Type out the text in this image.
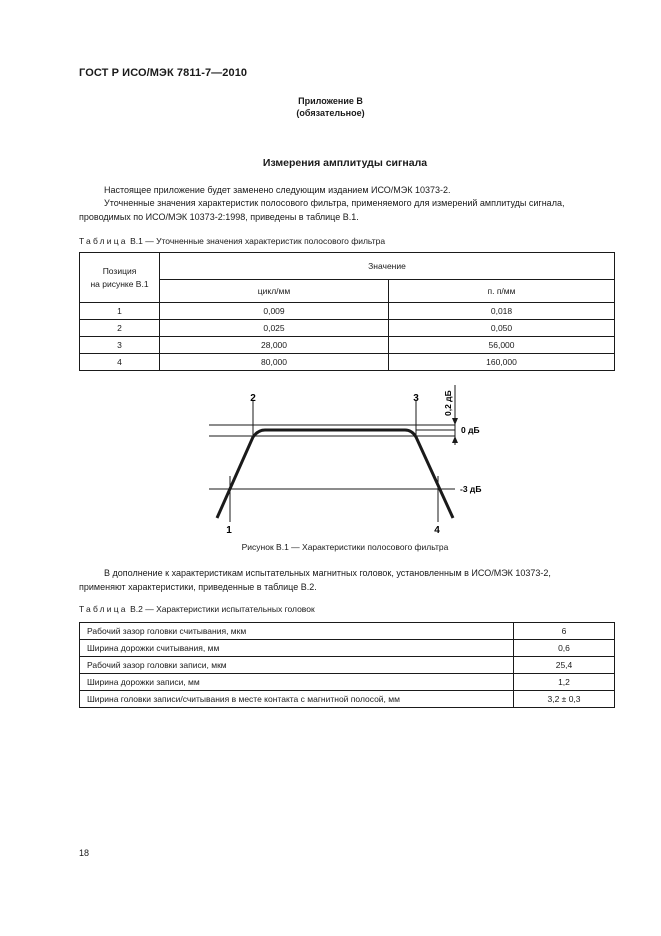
ГОСТ Р ИСО/МЭК 7811-7—2010
Приложение В
(обязательное)
Измерения амплитуды сигнала
Настоящее приложение будет заменено следующим изданием ИСО/МЭК 10373-2.
Уточненные значения характеристик полосового фильтра, применяемого для измерений амплитуды сигнала,
проводимых по ИСО/МЭК 10373-2:1998, приведены в таблице В.1.
Таблица В.1 — Уточненные значения характеристик полосового фильтра
Позиция
на рисунке В.1	Значение	
	цикл/мм	п. п/мм
1	0,009	0,018
2	0,025	0,050
3	28,000	56,000
4	80,000	160,000
2	3
1	4
0 дБ
-3 дБ
0,2 дБ
Рисунок В.1 — Характеристики полосового фильтра
В дополнение к характеристикам испытательных магнитных головок, установленным в ИСО/МЭК 10373-2,
применяют характеристики, приведенные в таблице В.2.
Таблица В.2 — Характеристики испытательных головок
Рабочий зазор головки считывания, мкм	6
Ширина дорожки считывания, мм	0,6
Рабочий зазор головки записи, мкм	25,4
Ширина дорожки записи, мм	1,2
Ширина головки записи/считывания в месте контакта с магнитной полосой, мм	3,2 ± 0,3
18
